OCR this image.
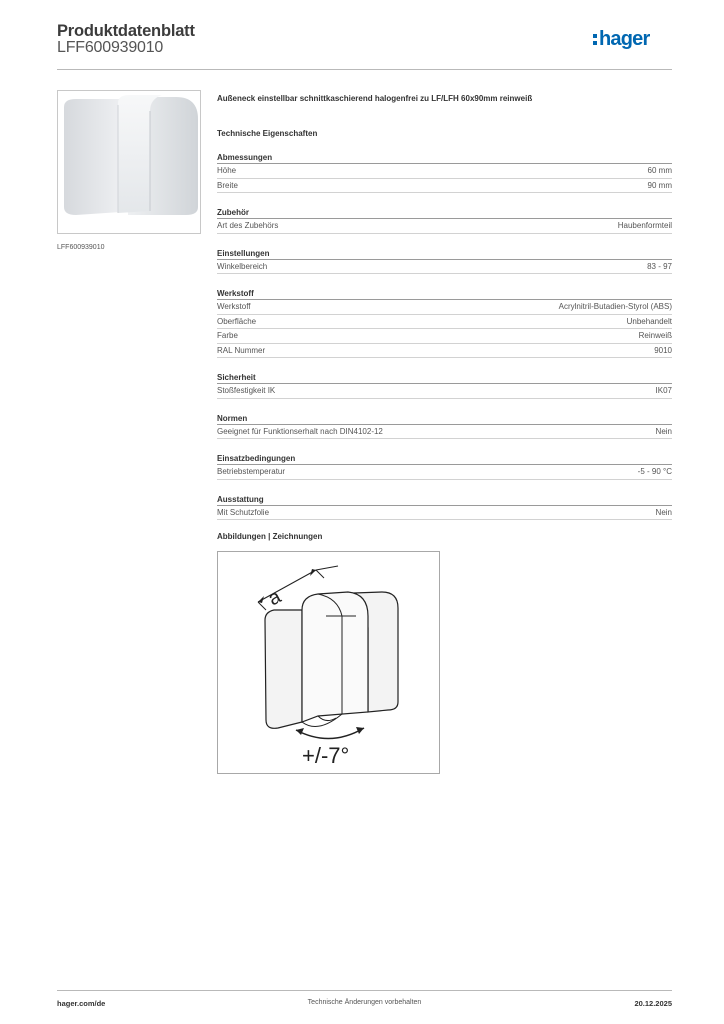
Produktdatenblatt
LFF600939010	hager
LFF600939010
Außeneck einstellbar schnittkaschierend halogenfrei zu LF/LFH 60x90mm reinweiß
Technische Eigenschaften
Abmessungen
Höhe	60 mm
Breite	90 mm
Zubehör
Art des Zubehörs	Haubenformteil
Einstellungen
Winkelbereich	83 - 97
Werkstoff
Werkstoff	Acrylnitril-Butadien-Styrol (ABS)
Oberfläche	Unbehandelt
Farbe	Reinweiß
RAL Nummer	9010
Sicherheit
Stoßfestigkeit IK	IK07
Normen
Geeignet für Funktionserhalt nach DIN4102-12	Nein
Einsatzbedingungen
Betriebstemperatur	-5 - 90 °C
Ausstattung
Mit Schutzfolie	Nein
Abbildungen | Zeichnungen
a
+/-7°
hager.com/de	Technische Änderungen vorbehalten	20.12.2025
